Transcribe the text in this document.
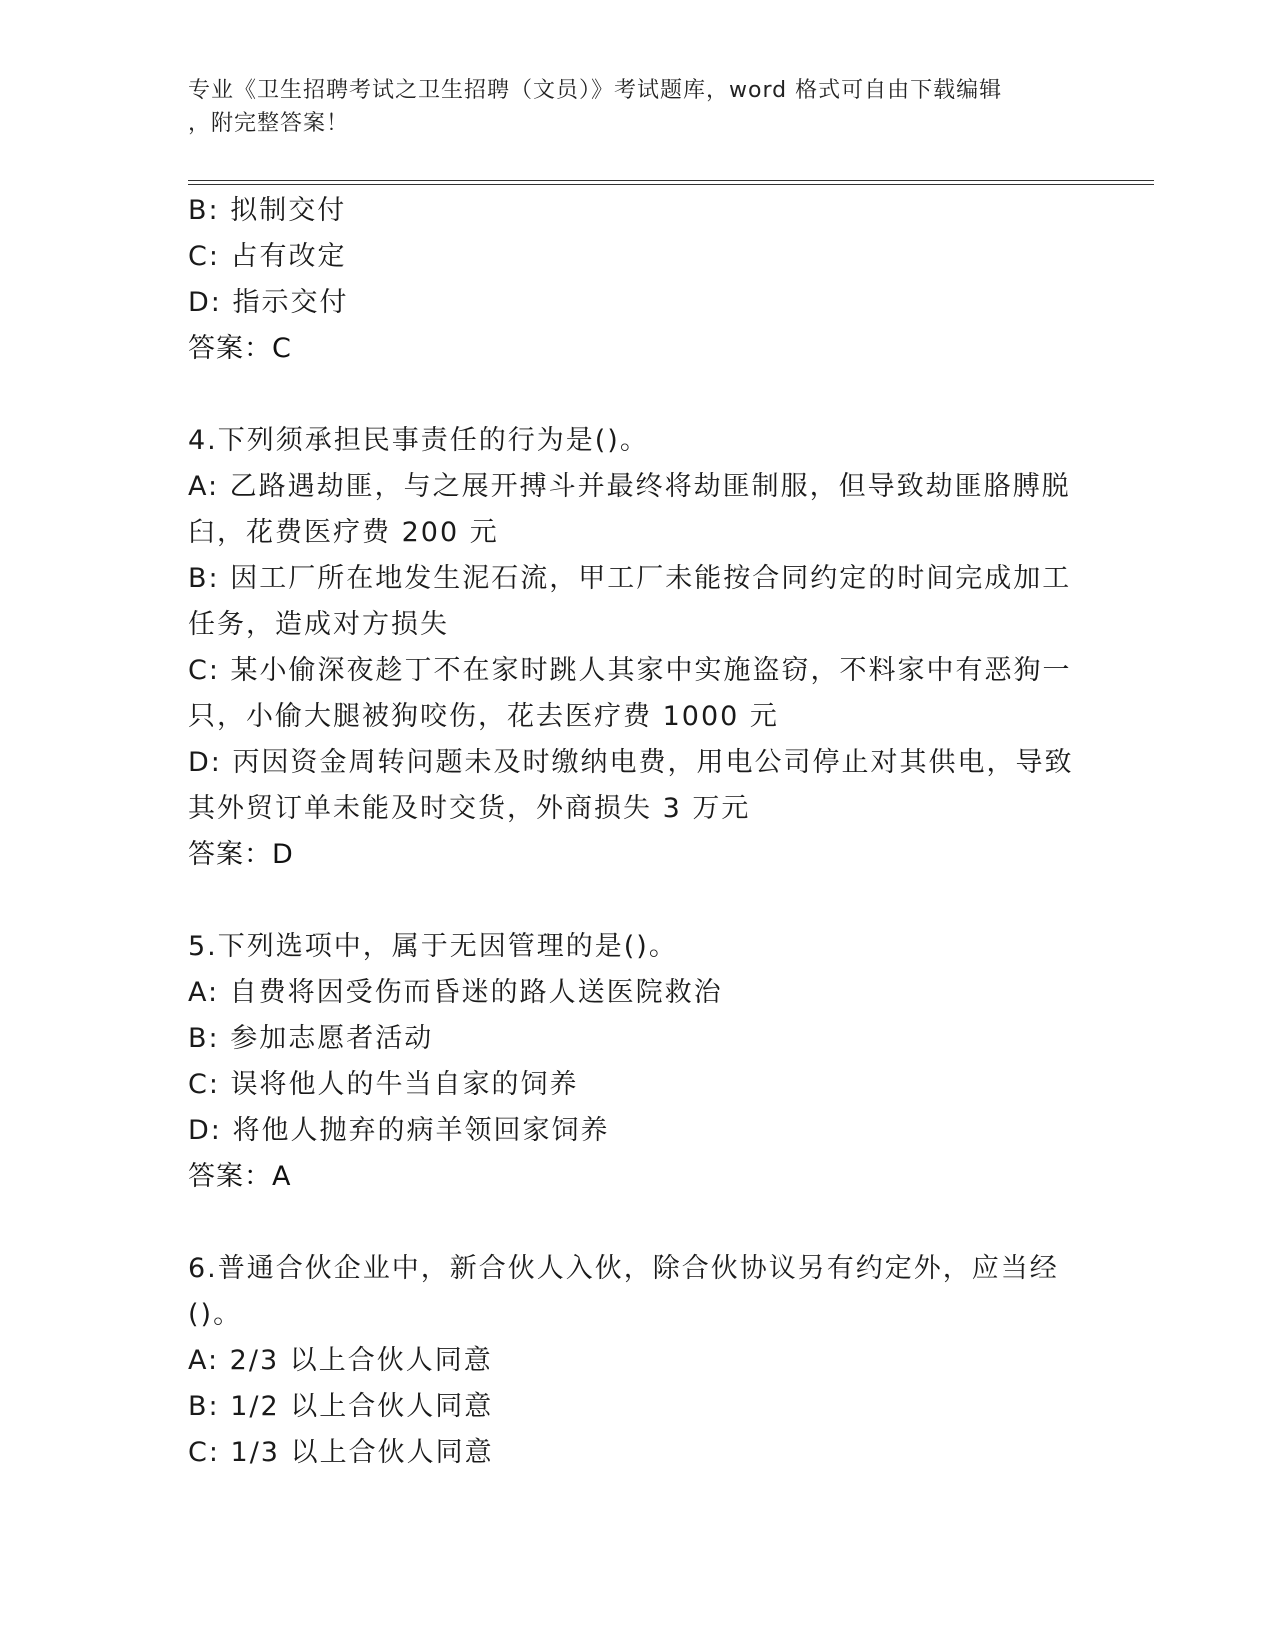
专业《卫生招聘考试之卫生招聘（文员）》考试题库，word 格式可自由下载编辑
，附完整答案！
B: 拟制交付
C: 占有改定
D: 指示交付
答案：C
4.下列须承担民事责任的行为是()。
A: 乙路遇劫匪，与之展开搏斗并最终将劫匪制服，但导致劫匪胳膊脱
臼，花费医疗费 200 元
B: 因工厂所在地发生泥石流，甲工厂未能按合同约定的时间完成加工
任务，造成对方损失
C: 某小偷深夜趁丁不在家时跳人其家中实施盗窃，不料家中有恶狗一
只，小偷大腿被狗咬伤，花去医疗费 1000 元
D: 丙因资金周转问题未及时缴纳电费，用电公司停止对其供电，导致
其外贸订单未能及时交货，外商损失 3 万元
答案：D
5.下列选项中，属于无因管理的是()。
A: 自费将因受伤而昏迷的路人送医院救治
B: 参加志愿者活动
C: 误将他人的牛当自家的饲养
D: 将他人抛弃的病羊领回家饲养
答案：A
6.普通合伙企业中，新合伙人入伙，除合伙协议另有约定外，应当经
()。
A: 2/3 以上合伙人同意
B: 1/2 以上合伙人同意
C: 1/3 以上合伙人同意
